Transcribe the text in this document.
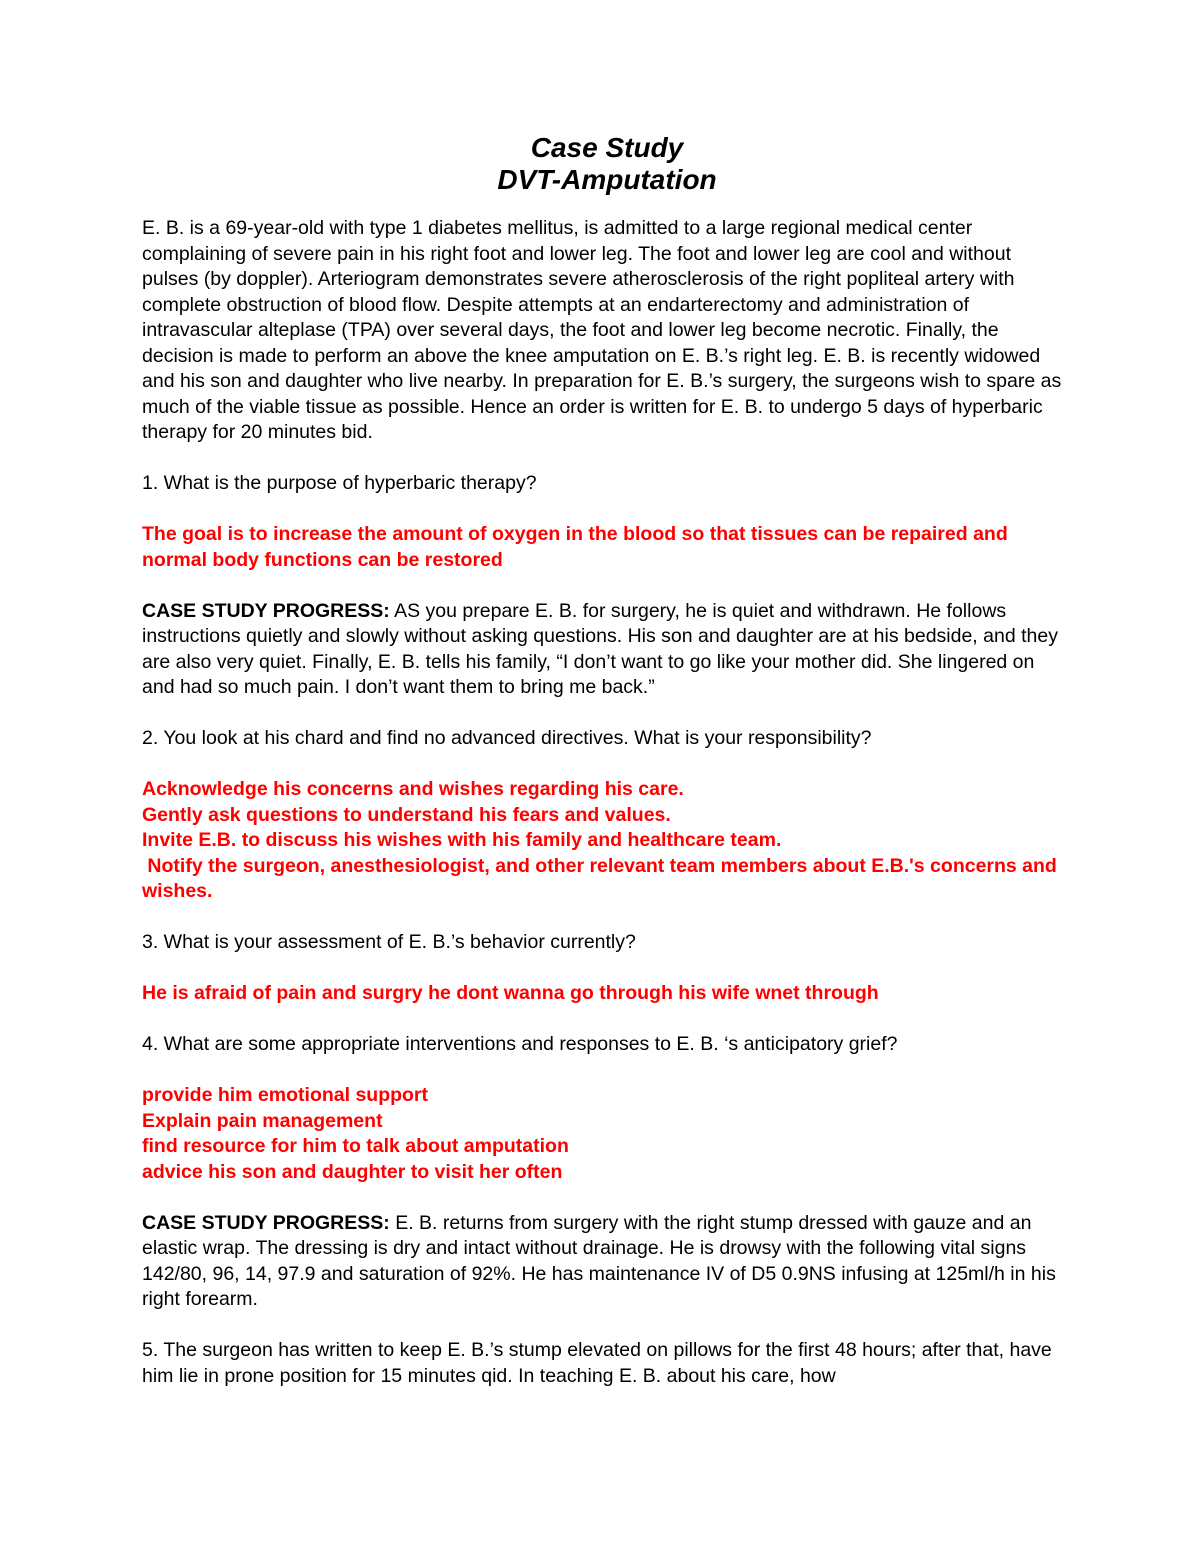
Case Study
DVT-Amputation

E. B. is a 69-year-old with type 1 diabetes mellitus, is admitted to a large regional medical center complaining of severe pain in his right foot and lower leg. The foot and lower leg are cool and without pulses (by doppler). Arteriogram demonstrates severe atherosclerosis of the right popliteal artery with complete obstruction of blood flow. Despite attempts at an endarterectomy and administration of intravascular alteplase (TPA) over several days, the foot and lower leg become necrotic. Finally, the decision is made to perform an above the knee amputation on E. B.’s right leg. E. B. is recently widowed and his son and daughter who live nearby. In preparation for E. B.’s surgery, the surgeons wish to spare as much of the viable tissue as possible. Hence an order is written for E. B. to undergo 5 days of hyperbaric therapy for 20 minutes bid.

1. What is the purpose of hyperbaric therapy?

The goal is to increase the amount of oxygen in the blood so that tissues can be repaired and normal body functions can be restored

CASE STUDY PROGRESS: AS you prepare E. B. for surgery, he is quiet and withdrawn. He follows instructions quietly and slowly without asking questions. His son and daughter are at his bedside, and they are also very quiet. Finally, E. B. tells his family, “I don’t want to go like your mother did. She lingered on and had so much pain. I don’t want them to bring me back.”

2. You look at his chard and find no advanced directives. What is your responsibility?

Acknowledge his concerns and wishes regarding his care.
Gently ask questions to understand his fears and values.
Invite E.B. to discuss his wishes with his family and healthcare team.
Notify the surgeon, anesthesiologist, and other relevant team members about E.B.'s concerns and wishes.

3. What is your assessment of E. B.’s behavior currently?

He is afraid of pain and surgry he dont wanna go through his wife wnet through

4. What are some appropriate interventions and responses to E. B. ‘s anticipatory grief?

provide him emotional support
Explain pain management
find resource for him to talk about amputation
advice his son and daughter to visit her often

CASE STUDY PROGRESS: E. B. returns from surgery with the right stump dressed with gauze and an elastic wrap. The dressing is dry and intact without drainage. He is drowsy with the following vital signs 142/80, 96, 14, 97.9 and saturation of 92%. He has maintenance IV of D5 0.9NS infusing at 125ml/h in his right forearm.

5. The surgeon has written to keep E. B.’s stump elevated on pillows for the first 48 hours; after that, have him lie in prone position for 15 minutes qid. In teaching E. B. about his care, how
